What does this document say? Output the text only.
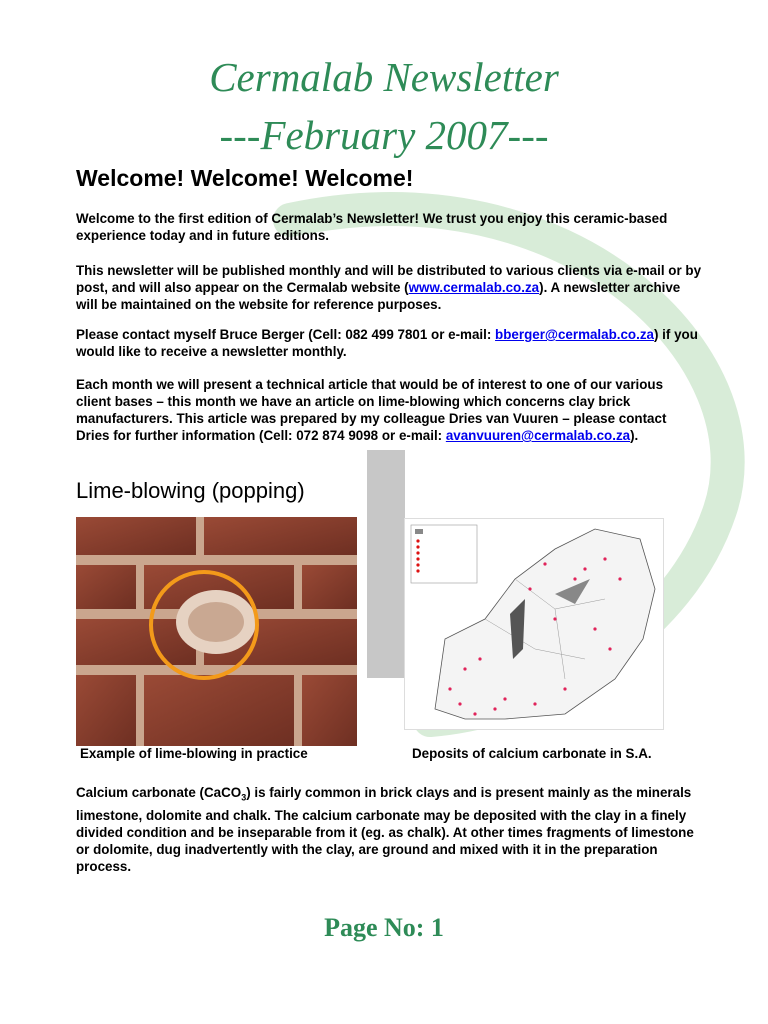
Cermalab Newsletter
---February 2007---
Welcome! Welcome! Welcome!
Welcome to the first edition of Cermalab’s Newsletter! We trust you enjoy this ceramic-based experience today and in future editions.
This newsletter will be published monthly and will be distributed to various clients via e-mail or by post, and will also appear on the Cermalab website (www.cermalab.co.za). A newsletter archive will be maintained on the website for reference purposes.
Please contact myself Bruce Berger (Cell: 082 499 7801 or e-mail: bberger@cermalab.co.za) if you would like to receive a newsletter monthly.
Each month we will present a technical article that would be of interest to one of our various client bases – this month we have an article on lime-blowing which concerns clay brick manufacturers. This article was prepared by my colleague Dries van Vuuren – please contact Dries for further information (Cell: 072 874 9098 or e-mail: avanvuuren@cermalab.co.za).
Lime-blowing (popping)
Example of lime-blowing in practice	Deposits of calcium carbonate in S.A.
Calcium carbonate (CaCO$_3$) is fairly common in brick clays and is present mainly as the minerals limestone, dolomite and chalk. The calcium carbonate may be deposited with the clay in a finely divided condition and be inseparable from it (eg. as chalk). At other times fragments of limestone or dolomite, dug inadvertently with the clay, are ground and mixed with it in the preparation process.
Page No: 1
